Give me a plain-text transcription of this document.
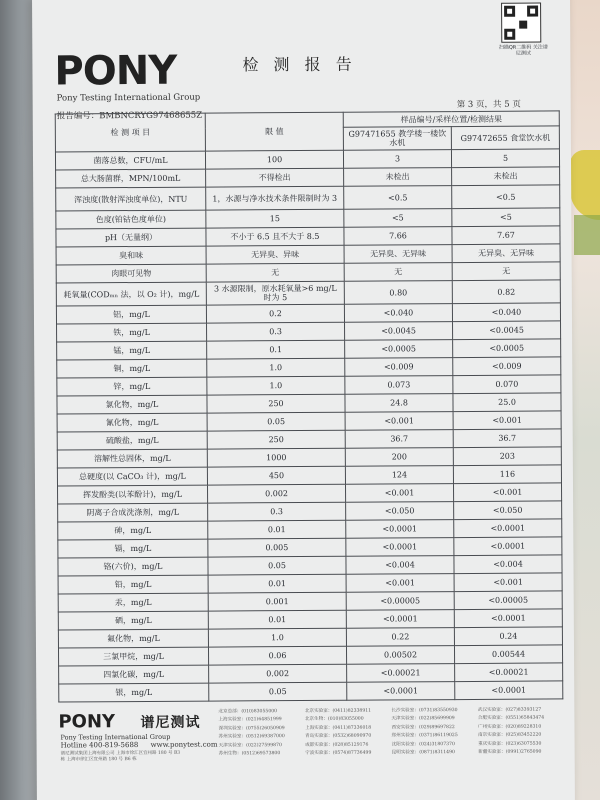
扫描QR二维码 关注谱尼测试
PONY
Pony Testing International Group
检 测 报 告
报告编号：BMBNCRYG97468655Z
第 3 页，共 5 页
检 测 项 目	限 值	样品编号/采样位置/检测结果	
		G97471655 教学楼一楼饮水机	G97472655 食堂饮水机
菌落总数，CFU/mL	100	3	5
总大肠菌群，MPN/100mL	不得检出	未检出	未检出
浑浊度(散射浑浊度单位)，NTU	1，水源与净水技术条件限制时为 3	<0.5	<0.5
色度(铂钴色度单位)	15	<5	<5
pH（无量纲）	不小于 6.5 且不大于 8.5	7.66	7.67
臭和味	无异臭、异味	无异臭、无异味	无异臭、无异味
肉眼可见物	无	无	无
耗氧量(CODₘₙ 法，以 O₂ 计)，mg/L	3 水源限制，原水耗氧量>6 mg/L 时为 5	0.80	0.82
铝，mg/L	0.2	<0.040	<0.040
铁，mg/L	0.3	<0.0045	<0.0045
锰，mg/L	0.1	<0.0005	<0.0005
铜，mg/L	1.0	<0.009	<0.009
锌，mg/L	1.0	0.073	0.070
氯化物，mg/L	250	24.8	25.0
氰化物，mg/L	0.05	<0.001	<0.001
硫酸盐，mg/L	250	36.7	36.7
溶解性总固体，mg/L	1000	200	203
总硬度(以 CaCO₃ 计)，mg/L	450	124	116
挥发酚类(以苯酚计)，mg/L	0.002	<0.001	<0.001
阴离子合成洗涤剂，mg/L	0.3	<0.050	<0.050
砷，mg/L	0.01	<0.0001	<0.0001
镉，mg/L	0.005	<0.0001	<0.0001
铬(六价)，mg/L	0.05	<0.004	<0.004
铅，mg/L	0.01	<0.001	<0.001
汞，mg/L	0.001	<0.00005	<0.00005
硒，mg/L	0.01	<0.0001	<0.0001
氟化物，mg/L	1.0	0.22	0.24
三氯甲烷，mg/L	0.06	0.00502	0.00544
四氯化碳，mg/L	0.002	<0.00021	<0.00021
银，mg/L	0.05	<0.0001	<0.0001
PONY 谱尼测试
Pony Testing International Group
Hotline 400-819-5688 www.ponytest.com
谱尼测试集团上海有限公司 上海市徐汇区宜州路 180 号 B3 栋 上海市徐汇区宜州路 180 号 B6 栋
北京总部：(010)83055000	北京实验室：(0411)82338911	长沙实验室：(0731)83550930	武汉实验室：(027)83393127
上海实验室：(021)64851999	北京生物：(010)83055000	天津实验室：(022)85699909	合肥实验室：(0551)65843474
深圳实验室：(0755)26050909	上海实验室：(0411)87336018	西安实验室：(029)89697822	广州实验室：(020)89228310
苏州实验室：(0512)69387000	青岛实验室：(0532)68090970	郑州实验室：(0371)86119025	南京实验室：(025)83452220
天津实验室：(022)27599870	成都实验室：(028)85129176	沈阳实验室：(024)31807370	重庆实验室：(023)63075530
苏州生物：(0512)69573800	宁波实验室：(0574)87736499	昆明实验室：(0871)8311490	新疆实验室：(0991)2765090
